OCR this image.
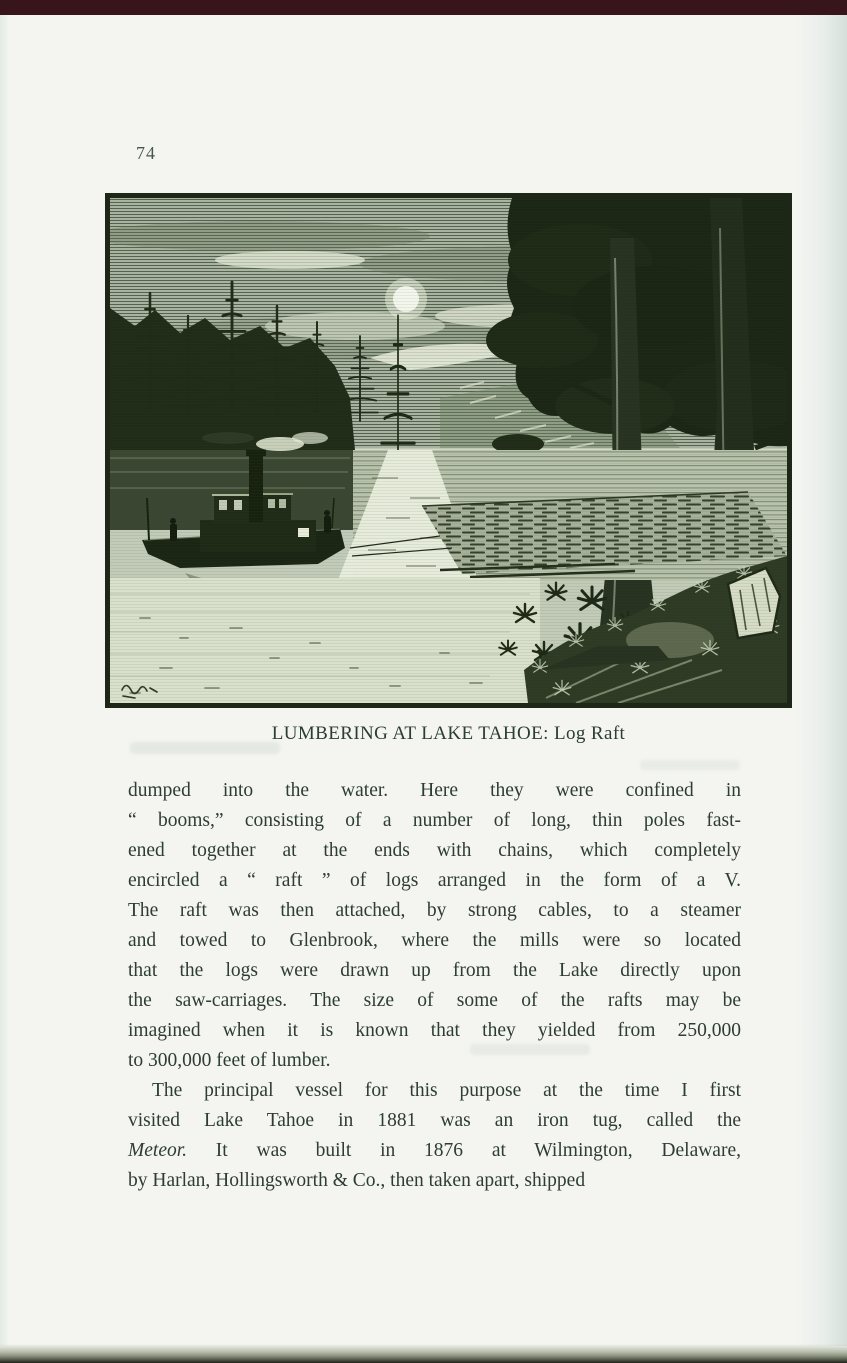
74
LUMBERING AT LAKE TAHOE: Log Raft
dumped into the water. Here they were confined in
“ booms,” consisting of a number of long, thin poles fast-
ened together at the ends with chains, which completely
encircled a “ raft ” of logs arranged in the form of a V.
The raft was then attached, by strong cables, to a steamer
and towed to Glenbrook, where the mills were so located
that the logs were drawn up from the Lake directly upon
the saw-carriages. The size of some of the rafts may be
imagined when it is known that they yielded from 250,000
to 300,000 feet of lumber.
The principal vessel for this purpose at the time I first
visited Lake Tahoe in 1881 was an iron tug, called the
Meteor. It was built in 1876 at Wilmington, Delaware,
by Harlan, Hollingsworth & Co., then taken apart, shipped
